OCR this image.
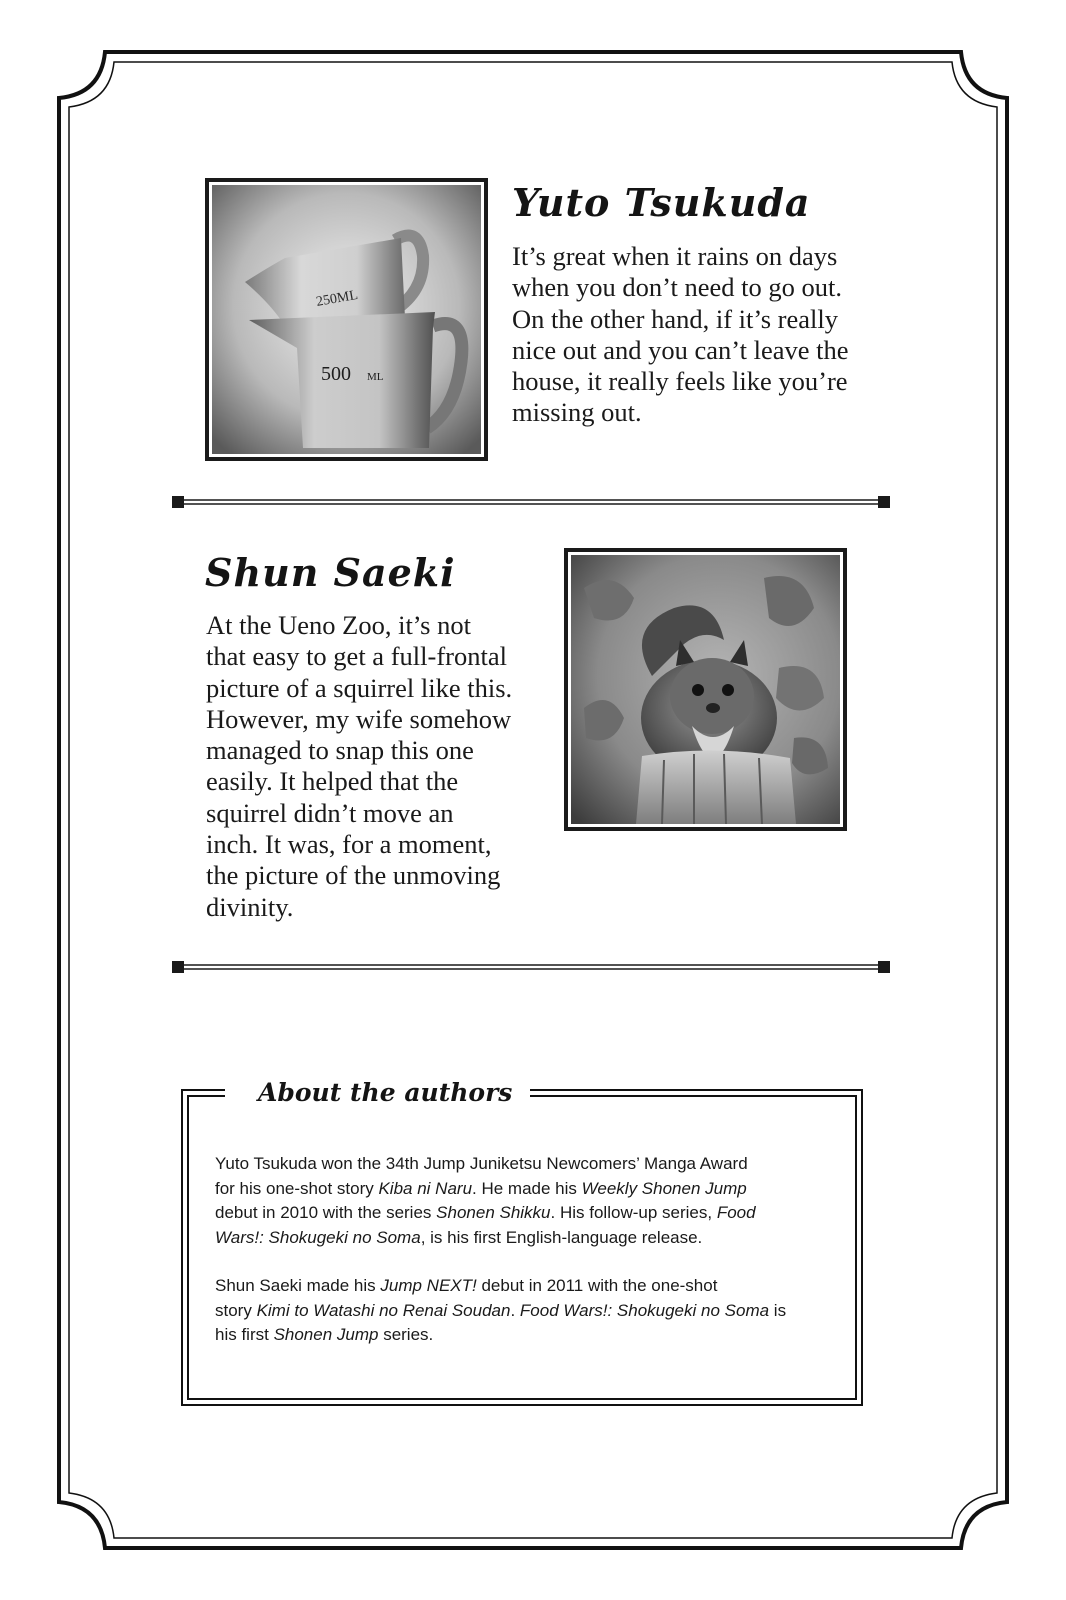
250ML
500 ML
Yuto Tsukuda

It’s great when it rains on days
when you don’t need to go out.
On the other hand, if it’s really
nice out and you can’t leave the
house, it really feels like you’re
missing out.

Shun Saeki

At the Ueno Zoo, it’s not
that easy to get a full-frontal
picture of a squirrel like this.
However, my wife somehow
managed to snap this one
easily. It helped that the
squirrel didn’t move an
inch. It was, for a moment,
the picture of the unmoving
divinity.

About the authors

Yuto Tsukuda won the 34th Jump Juniketsu Newcomers’ Manga Award
for his one-shot story Kiba ni Naru. He made his Weekly Shonen Jump
debut in 2010 with the series Shonen Shikku. His follow-up series, Food
Wars!: Shokugeki no Soma, is his first English-language release.

Shun Saeki made his Jump NEXT! debut in 2011 with the one-shot
story Kimi to Watashi no Renai Soudan. Food Wars!: Shokugeki no Soma is
his first Shonen Jump series.
